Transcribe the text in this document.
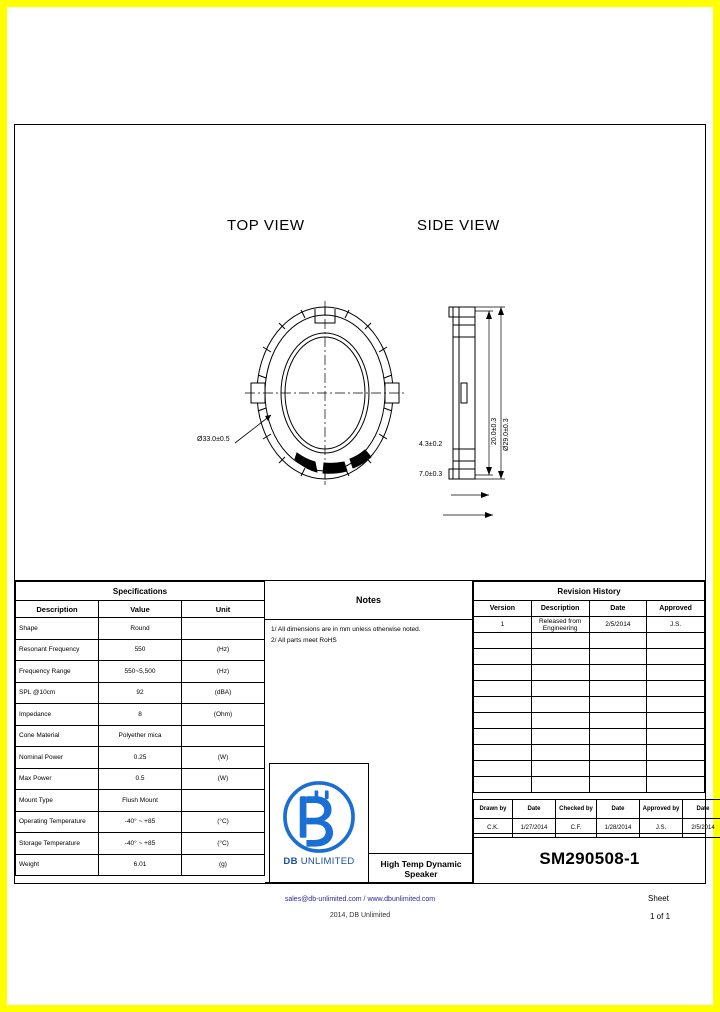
TOP VIEW	SIDE VIEW
Ø33.0±0.5	20.0±0.3 Ø29.0±0.3
4.3±0.2
7.0±0.3
Specifications		
Description	Value	Unit
Shape	Round	
Resonant Frequency	550	(Hz)
Frequency Range	550~5,500	(Hz)
SPL @10cm	92	(dBA)
Impedance	8	(Ohm)
Cone Material	Polyether mica	
Nominal Power	0.25	(W)
Max Power	0.5	(W)
Mount Type	Flush Mount	
Operating Temperature	-40° ~ +85	(°C)
Storage Temperature	-40° ~ +85	(°C)
Weight	6.01	(g)
Notes
1/ All dimensions are in mm unless otherwise noted.
2/ All parts meet RoHS
DB UNLIMITED	High Temp Dynamic Speaker
Revision History			
Version	Description	Date	Approved
1	Released from Engineering	2/5/2014	J.S.

Drawn by	Date	Checked by	Date	Approved by	Date
C.K.	1/27/2014	C.F.	1/28/2014	J.S.	2/5/2014
SM290508-1
sales@db-unlimited.com / www.dbunlimited.com
2014, DB Unlimited
Sheet
1 of 1
